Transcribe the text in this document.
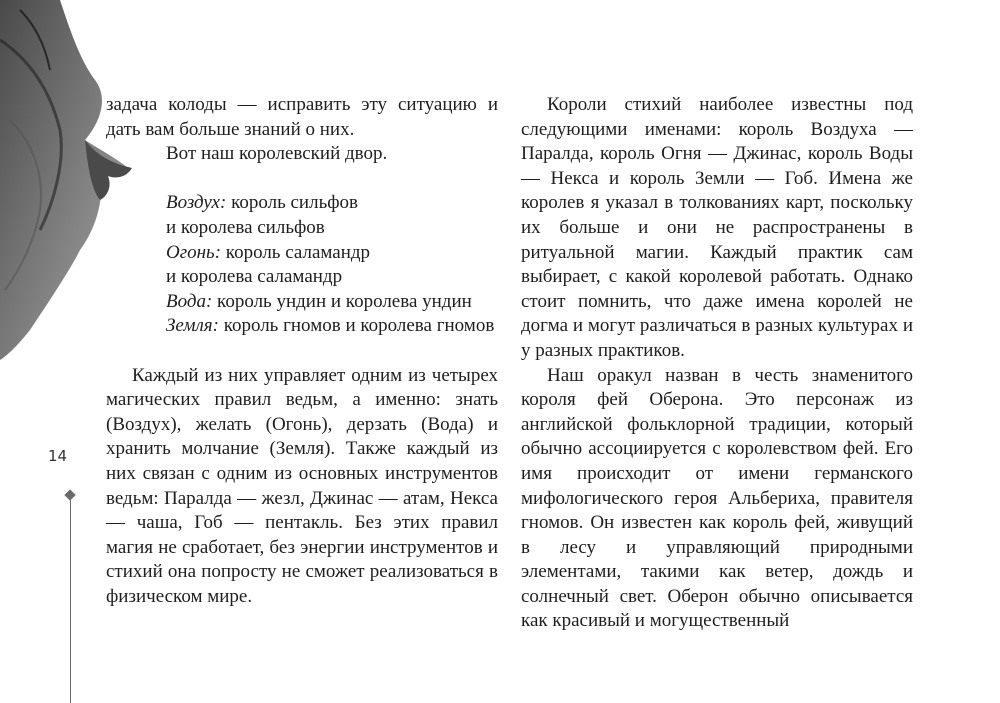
задача колоды — исправить эту ситуацию и дать вам больше знаний о них.

Вот наш королевский двор.

Воздух: король сильфов
и королева сильфов
Огонь: король саламандр
и королева саламандр
Вода: король ундин и королева ундин
Земля: король гномов и королева гномов

Каждый из них управляет одним из четырех магических правил ведьм, а именно: знать (Воздух), желать (Огонь), дерзать (Вода) и хранить молчание (Земля). Также каждый из них связан с одним из основных инструментов ведьм: Паралда — жезл, Джинас — атам, Некса — чаша, Гоб — пентакль. Без этих правил магия не сработает, без энергии инструментов и стихий она попросту не сможет реализоваться в физическом мире.

Короли стихий наиболее известны под следующими именами: король Воздуха — Паралда, король Огня — Джинас, король Воды — Некса и король Земли — Гоб. Имена же королев я указал в толкованиях карт, поскольку их больше и они не распространены в ритуальной магии. Каждый практик сам выбирает, с какой королевой работать. Однако стоит помнить, что даже имена королей не догма и могут различаться в разных культурах и у разных практиков.

Наш оракул назван в честь знаменитого короля фей Оберона. Это персонаж из английской фольклорной традиции, который обычно ассоциируется с королевством фей. Его имя происходит от имени германского мифологического героя Альбериха, правителя гномов. Он известен как король фей, живущий в лесу и управляющий природными элементами, такими как ветер, дождь и солнечный свет. Оберон обычно описывается как красивый и могущественный

14
